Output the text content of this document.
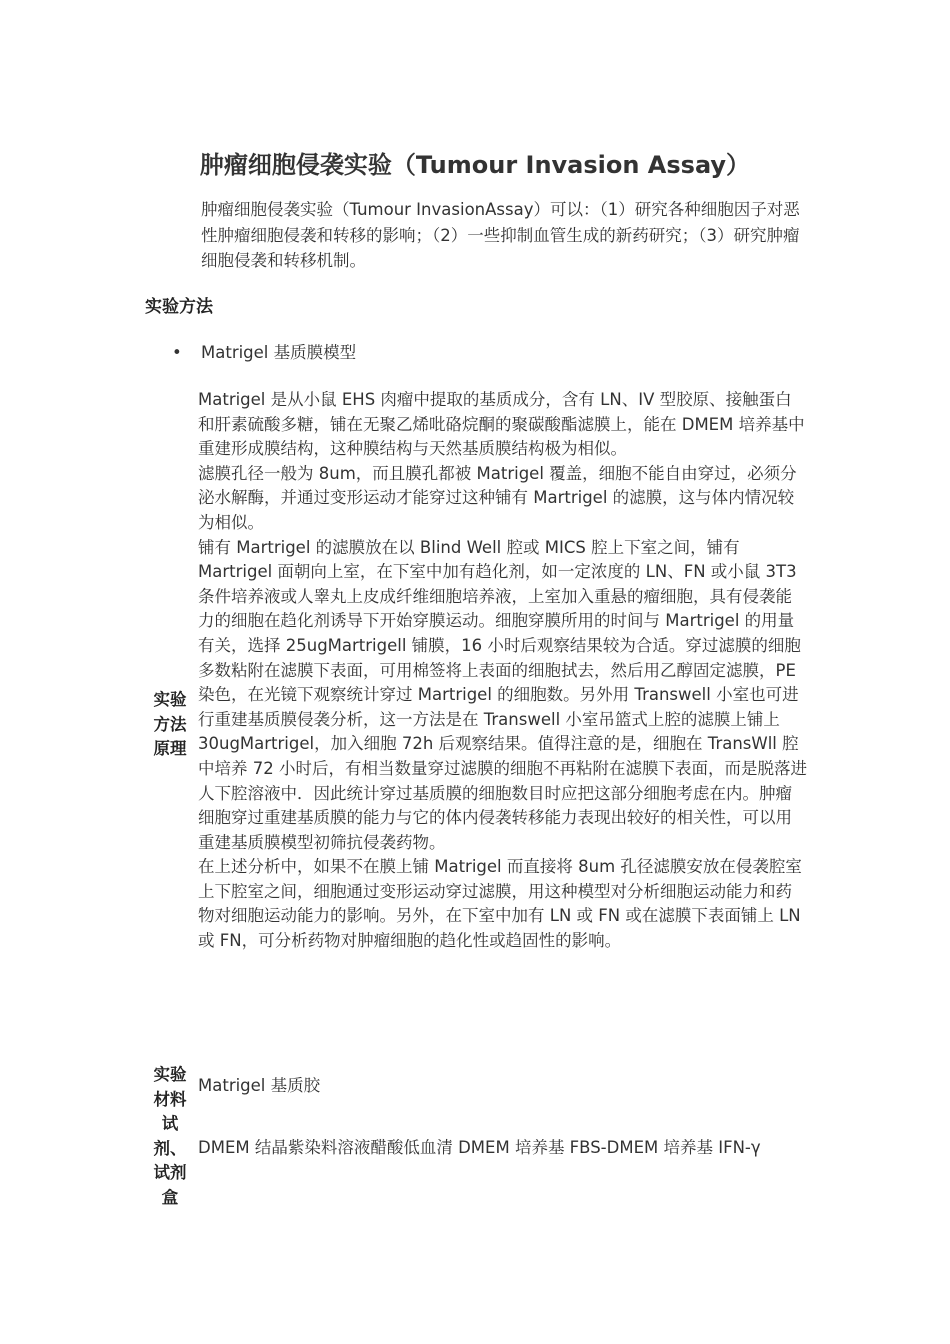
肿瘤细胞侵袭实验（Tumour Invasion Assay）

肿瘤细胞侵袭实验（Tumour InvasionAssay）可以：（1）研究各种细胞因子对恶性肿瘤细胞侵袭和转移的影响；（2）一些抑制血管生成的新药研究；（3）研究肿瘤细胞侵袭和转移机制。

实验方法

• Matrigel 基质膜模型

Matrigel 是从小鼠 EHS 肉瘤中提取的基质成分，含有 LN、IV 型胶原、接触蛋白和肝素硫酸多糖，铺在无聚乙烯吡硌烷酮的聚碳酸酯滤膜上，能在 DMEM 培养基中重建形成膜结构，这种膜结构与天然基质膜结构极为相似。

滤膜孔径一般为 8um，而且膜孔都被 Matrigel 覆盖，细胞不能自由穿过，必须分泌水解酶，并通过变形运动才能穿过这种铺有 Martrigel 的滤膜，这与体内情况较为相似。

铺有 Martrigel 的滤膜放在以 Blind Well 腔或 MICS 腔上下室之间，铺有 Martrigel 面朝向上室，在下室中加有趋化剂，如一定浓度的 LN、FN 或小鼠 3T3 条件培养液或人睾丸上皮成纤维细胞培养液，上室加入重悬的瘤细胞，具有侵袭能力的细胞在趋化剂诱导下开始穿膜运动。细胞穿膜所用的时间与 Martrigel 的用量有关，选择 25ugMartrigell 铺膜，16 小时后观察结果较为合适。穿过滤膜的细胞多数粘附在滤膜下表面，可用棉签将上表面的细胞拭去，然后用乙醇固定滤膜，PE 染色，在光镜下观察统计穿过 Martrigel 的细胞数。另外用 Transwell 小室也可进行重建基质膜侵袭分析，这一方法是在 Transwell 小室吊篮式上腔的滤膜上铺上 30ugMartrigel，加入细胞 72h 后观察结果。值得注意的是，细胞在 TransWll 腔中培养 72 小时后，有相当数量穿过滤膜的细胞不再粘附在滤膜下表面，而是脱落进人下腔溶液中．因此统计穿过基质膜的细胞数目时应把这部分细胞考虑在内。肿瘤细胞穿过重建基质膜的能力与它的体内侵袭转移能力表现出较好的相关性，可以用重建基质膜模型初筛抗侵袭药物。

在上述分析中，如果不在膜上铺 Matrigel 而直接将 8um 孔径滤膜安放在侵袭腔室上下腔室之间，细胞通过变形运动穿过滤膜，用这种模型对分析细胞运动能力和药物对细胞运动能力的影响。另外，在下室中加有 LN 或 FN 或在滤膜下表面铺上 LN 或 FN，可分析药物对肿瘤细胞的趋化性或趋固性的影响。

实验方法原理
实验材料试剂、试剂盒

Matrigel 基质胶

DMEM 结晶紫染料溶液醋酸低血清 DMEM 培养基 FBS-DMEM 培养基 IFN-γ
